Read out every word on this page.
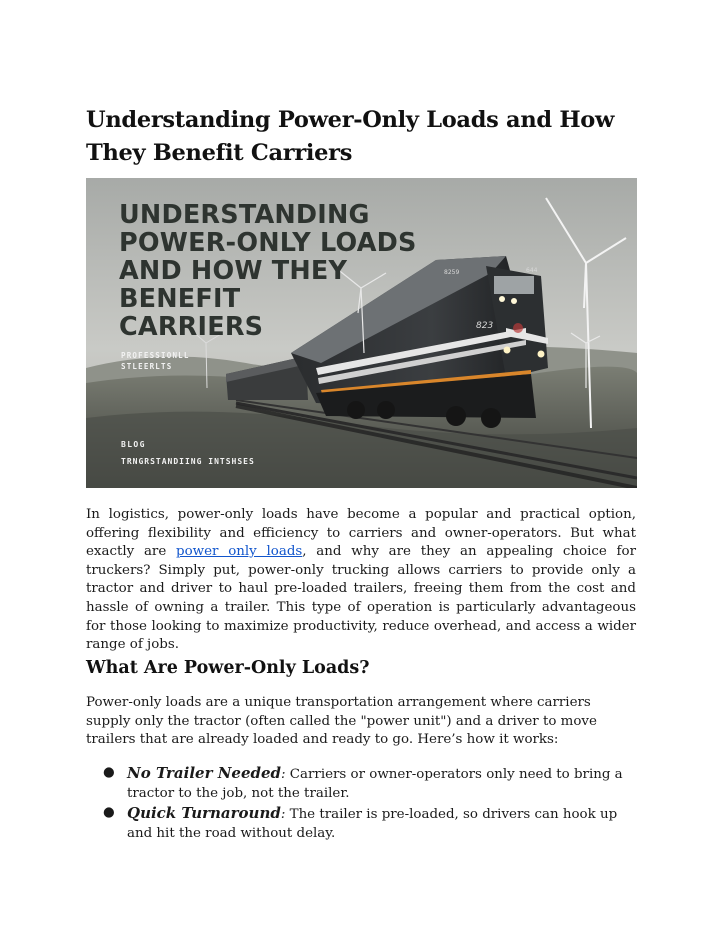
Understanding Power-Only Loads and How They Benefit Carriers
823
8259	644
UNDERSTANDING
POWER-ONLY LOADS
AND HOW THEY
BENEFIT
CARRIERS
PROFESSIONLL
STLEERLTS
BLOG
TRNGRSTANDIING INTSHSES

In logistics, power-only loads have become a popular and practical option, offering flexibility and efficiency to carriers and owner-operators. But what exactly are power only loads, and why are they an appealing choice for truckers? Simply put, power-only trucking allows carriers to provide only a tractor and driver to haul pre-loaded trailers, freeing them from the cost and hassle of owning a trailer. This type of operation is particularly advantageous for those looking to maximize productivity, reduce overhead, and access a wider range of jobs.

What Are Power-Only Loads?

Power-only loads are a unique transportation arrangement where carriers supply only the tractor (often called the "power unit") and a driver to move trailers that are already loaded and ready to go. Here’s how it works:

● No Trailer Needed: Carriers or owner-operators only need to bring a tractor to the job, not the trailer.
● Quick Turnaround: The trailer is pre-loaded, so drivers can hook up and hit the road without delay.
